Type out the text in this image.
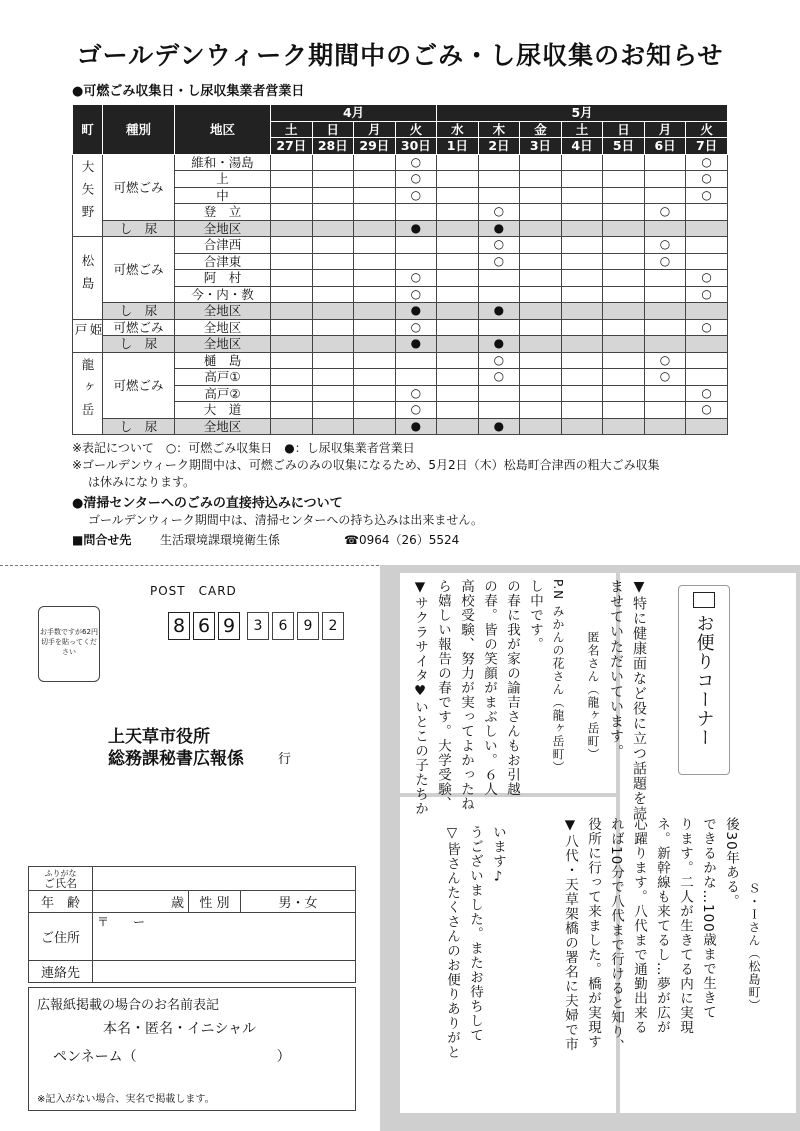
ゴールデンウィーク期間中のごみ・し尿収集のお知らせ
●可燃ごみ収集日・し尿収集業者営業日
町	種別	地区	4月				5月						
			土	日	月	火	水	木	金	土	日	月	火
			27日	28日	29日	30日	1日	2日	3日	4日	5日	6日	7日
大矢野	可燃ごみ	維和・湯島				○							○
		上				○							○
		中				○							○
		登　立						○				○	
	し　尿	全地区				●		●					
松島	可燃ごみ	合津西						○				○	
		合津東						○				○	
		阿　村				○							○
		今・内・教				○							○
	し　尿	全地区				●		●					
姫戸	可燃ごみ	全地区				○							○
	し　尿	全地区				●		●					
龍ヶ岳	可燃ごみ	樋　島						○				○	
		高戸①						○				○	
		高戸②				○							○
		大　道				○							○
	し　尿	全地区				●		●					
※表記について　○：可燃ごみ収集日　●：し尿収集業者営業日
※ゴールデンウィーク期間中は、可燃ごみのみの収集になるため、5月2日（木）松島町合津西の粗大ごみ収集
は休みになります。
●清掃センターへのごみの直接持込みについて
ゴールデンウィーク期間中は、清掃センターへの持ち込みは出来ません。
■問合せ先 生活環境課環境衛生係	☎0964（26）5524
POST　CARD
お手数ですが62円切手を貼ってください
8 6 9	3	6	9	2
上天草市役所
総務課秘書広報係	行
ふりがな
ご氏名			

年　齢	歳	性 別	男・女
ご住所	〒　　ー		
連絡先			
広報紙掲載の場合のお名前表記
本名・匿名・イニシャル
ペンネーム（　　　　　　　　　　）
※記入がない場合、実名で掲載します。
お便りコーナー
▼特に健康面など役に立つ話題を読
ませていただいています。
　　　　匿名さん（龍ヶ岳町）
P.N みかんの花さん（龍ヶ岳町）
し中です。
の春に我が家の諭吉さんもお引越
の春。皆の笑顔がまぶしい。６人
高校受験、努力が実ってよかったね
ら嬉しい報告の春です。大学受験、
▼サクラサイタ♥いとこの子たちか
　　　　　Ｓ・Ｉさん（松島町）
後30年ある。
できるかな…100歳まで生きて
ります。二人が生きてる内に実現
ネ。新幹線も来てるし…夢が広が
心躍ります。八代まで通勤出来る
れば10分で八代まで行けると知り、
役所に行って来ました。橋が実現す
▼八代・天草架橋の署名に夫婦で市
います♪
うございました。またお待ちして
▽皆さんたくさんのお便りありがと
